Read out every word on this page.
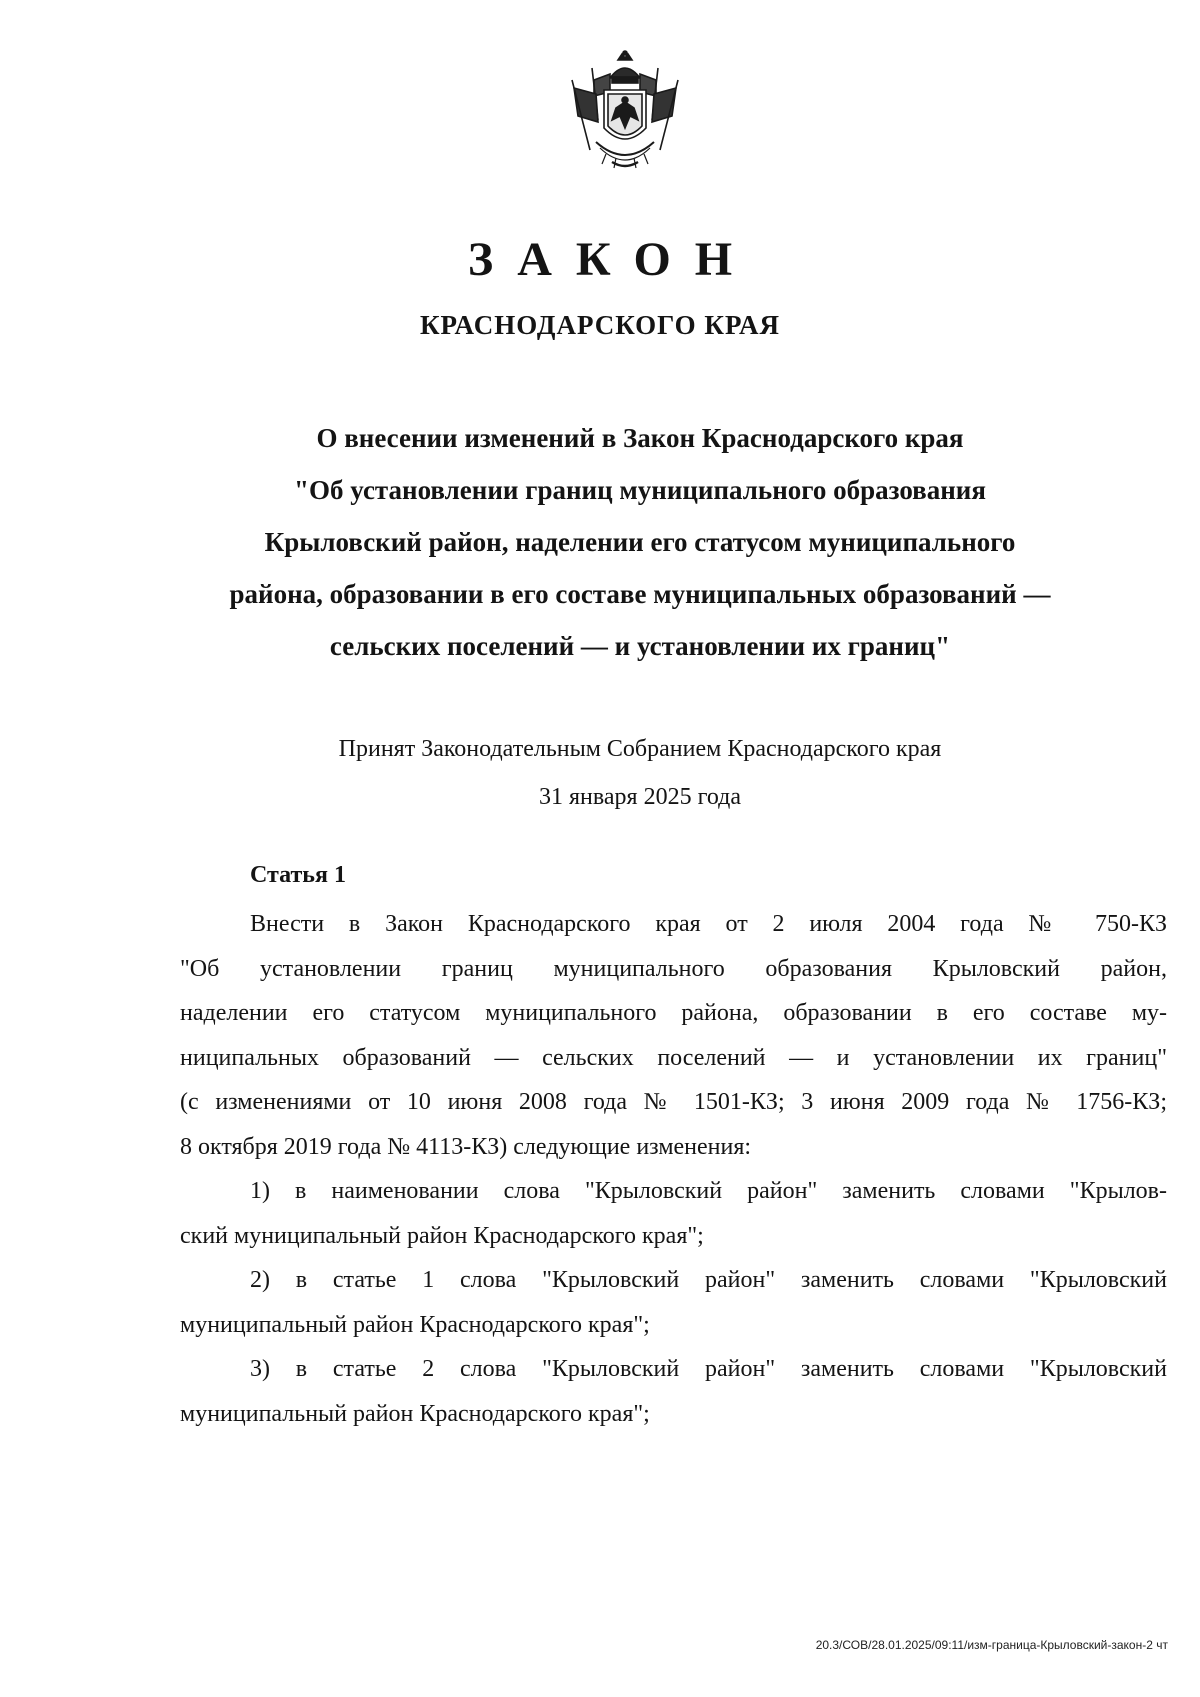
ЗАКОН
КРАСНОДАРСКОГО КРАЯ
О внесении изменений в Закон Краснодарского края
"Об установлении границ муниципального образования
Крыловский район, наделении его статусом муниципального
района, образовании в его составе муниципальных образований —
сельских поселений — и установлении их границ"
Принят Законодательным Собранием Краснодарского края
31 января 2025 года
Статья 1
Внести в Закон Краснодарского края от 2 июля 2004 года № 750-КЗ
"Об установлении границ муниципального образования Крыловский район,
наделении его статусом муниципального района, образовании в его составе му-
ниципальных образований — сельских поселений — и установлении их границ"
(с изменениями от 10 июня 2008 года № 1501-КЗ; 3 июня 2009 года № 1756-КЗ;
8 октября 2019 года № 4113-КЗ) следующие изменения:
1) в наименовании слова "Крыловский район" заменить словами "Крылов-
ский муниципальный район Краснодарского края";
2) в статье 1 слова "Крыловский район" заменить словами "Крыловский
муниципальный район Краснодарского края";
3) в статье 2 слова "Крыловский район" заменить словами "Крыловский
муниципальный район Краснодарского края";
20.3/СОВ/28.01.2025/09:11/изм-граница-Крыловский-закон-2 чт
